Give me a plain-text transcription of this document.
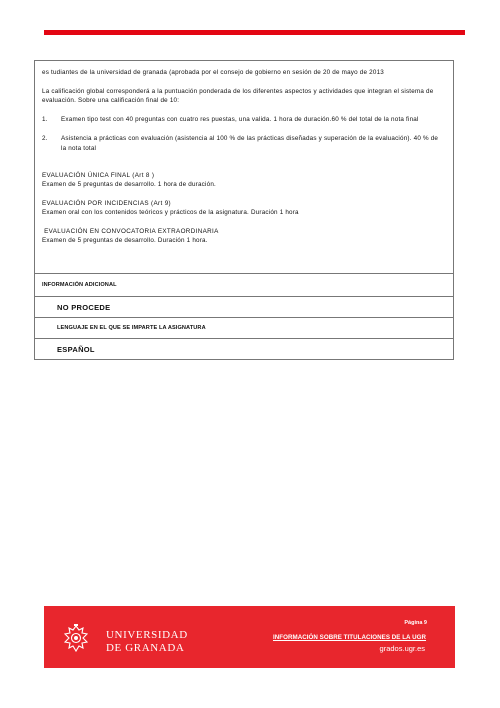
es tudiantes de la universidad de granada (aprobada por el consejo de gobierno en sesión de 20 de mayo de 2013

La calificación global corresponderá a la puntuación ponderada de los diferentes aspectos y actividades que integran el sistema de evaluación. Sobre una calificación final de 10:

1. Examen tipo test con 40 preguntas con cuatro res puestas, una valida. 1 hora de duración.60 % del total de la nota final
2. Asistencia a prácticas con evaluación (asistencia al 100 % de las prácticas diseñadas y superación de la evaluación). 40 % de la nota total

EVALUACIÓN ÚNICA FINAL (Art 8 )

Examen de 5 preguntas de desarrollo. 1 hora de duración.

EVALUACIÓN POR INCIDENCIAS (Art 9)

Examen oral con los contenidos teóricos y prácticos de la asignatura. Duración 1 hora

EVALUACIÓN EN CONVOCATORIA EXTRAORDINARIA

Examen de 5 preguntas de desarrollo. Duración 1 hora.

INFORMACIÓN ADICIONAL
NO PROCEDE
LENGUAJE EN EL QUE SE IMPARTE LA ASIGNATURA
ESPAÑOL
UNIVERSIDAD
DE GRANADA
Página 9
INFORMACIÓN SOBRE TITULACIONES DE LA UGR
grados.ugr.es
